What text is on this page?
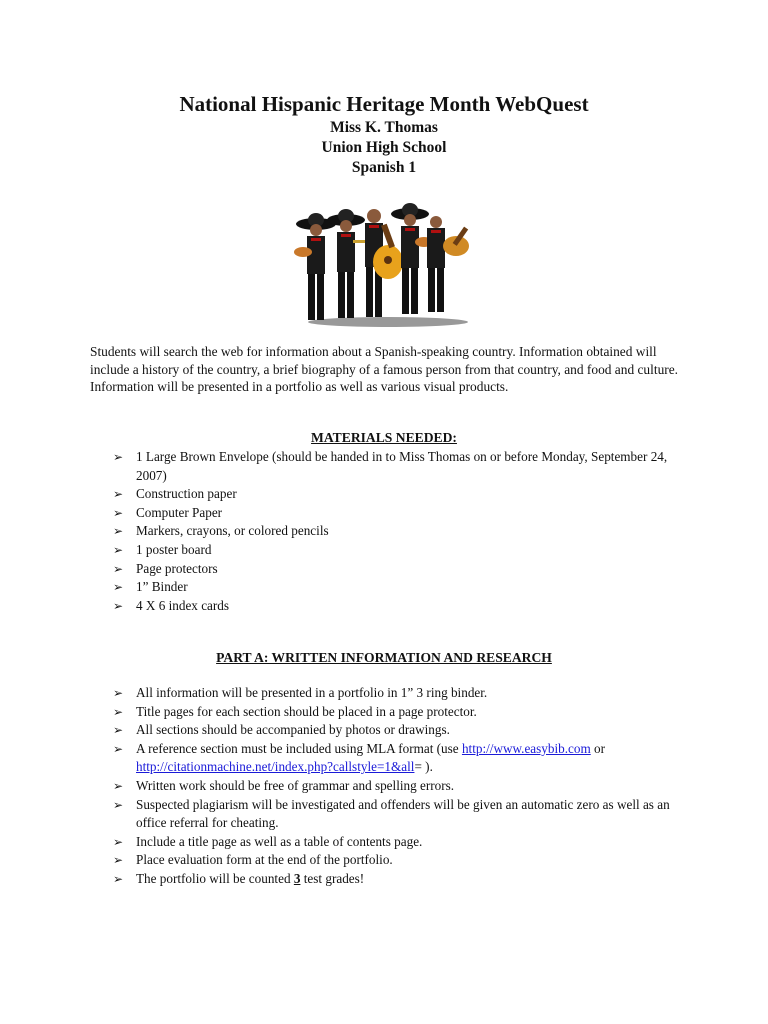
National Hispanic Heritage Month WebQuest
Miss K. Thomas
Union High School
Spanish 1

Students will search the web for information about a Spanish-speaking country. Information obtained will include a history of the country, a brief biography of a famous person from that country, and food and culture. Information will be presented in a portfolio as well as various visual products.

MATERIALS NEEDED:
➢ 1 Large Brown Envelope (should be handed in to Miss Thomas on or before Monday, September 24, 2007)
➢ Construction paper
➢ Computer Paper
➢ Markers, crayons, or colored pencils
➢ 1 poster board
➢ Page protectors
➢ 1” Binder
➢ 4 X 6 index cards
PART A: WRITTEN INFORMATION AND RESEARCH
➢ All information will be presented in a portfolio in 1” 3 ring binder.
➢ Title pages for each section should be placed in a page protector.
➢ All sections should be accompanied by photos or drawings.
➢ A reference section must be included using MLA format (use http://www.easybib.com or
http://citationmachine.net/index.php?callstyle=1&all= ).
➢ Written work should be free of grammar and spelling errors.
➢ Suspected plagiarism will be investigated and offenders will be given an automatic zero as well as an office referral for cheating.
➢ Include a title page as well as a table of contents page.
➢ Place evaluation form at the end of the portfolio.
➢ The portfolio will be counted 3 test grades!
